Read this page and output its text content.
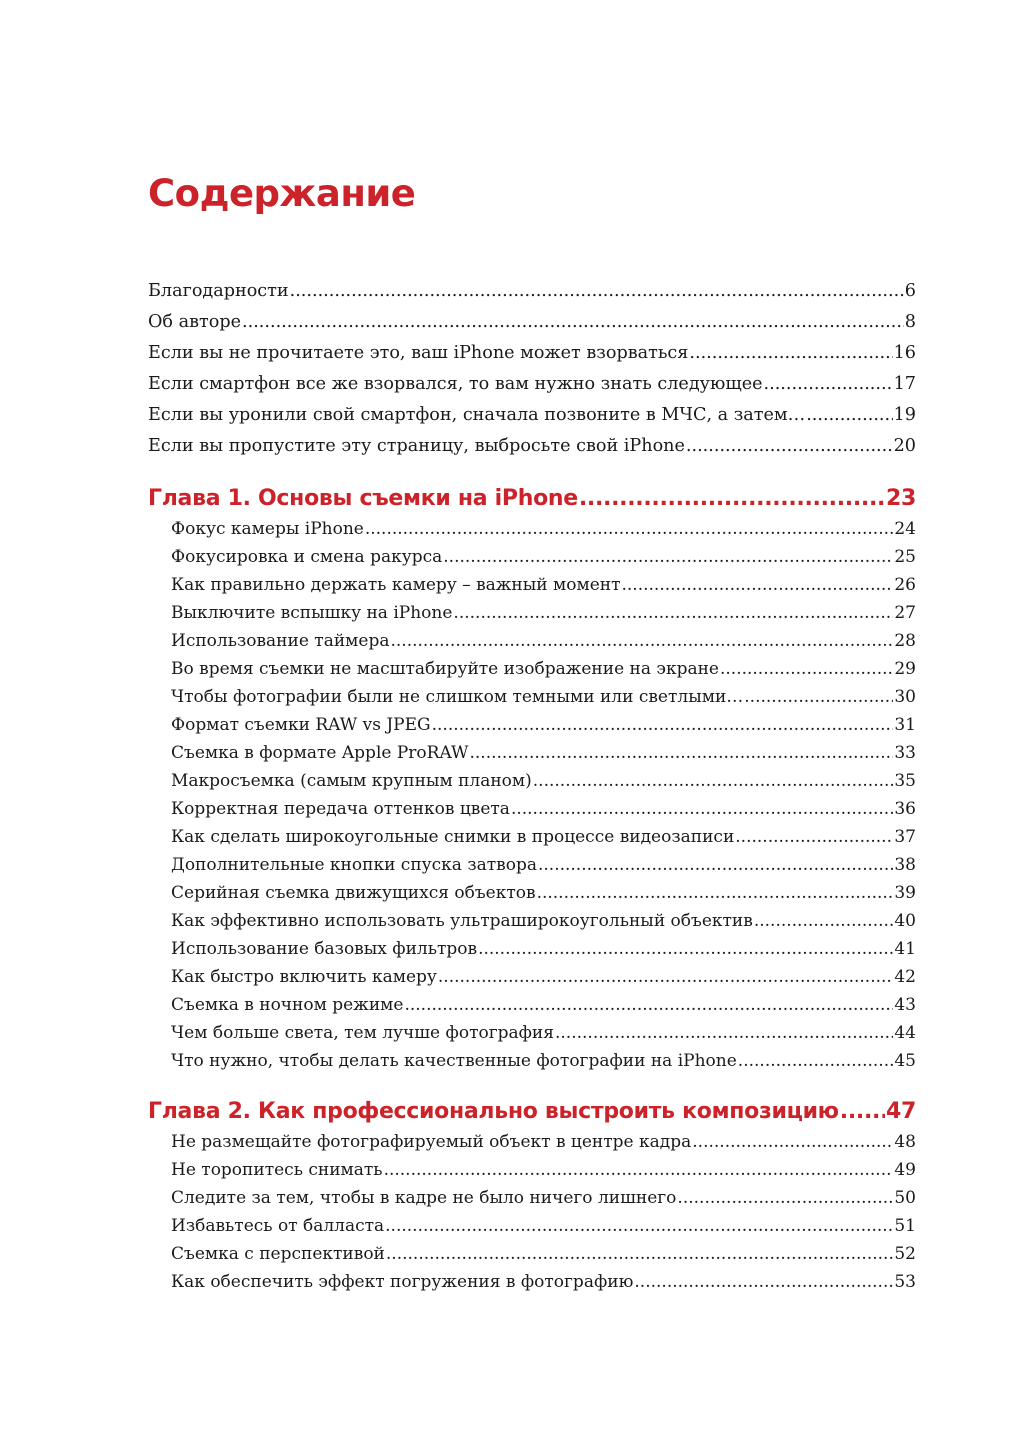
Содержание
Благодарности .....	6
Об авторе .....	8
Если вы не прочитаете это, ваш iPhone может взорваться .....	16
Если смартфон все же взорвался, то вам нужно знать следующее .....	17
Если вы уронили свой смартфон, сначала позвоните в МЧС, а затем… .....	19
Если вы пропустите эту страницу, выбросьте свой iPhone .....	20
Глава 1. Основы съемки на iPhone .....	23
Фокус камеры iPhone .....	24
Фокусировка и смена ракурса .....	25
Как правильно держать камеру – важный момент .....	26
Выключите вспышку на iPhone .....	27
Использование таймера .....	28
Во время съемки не масштабируйте изображение на экране .....	29
Чтобы фотографии были не слишком темными или светлыми… .....	30
Формат съемки RAW vs JPEG .....	31
Съемка в формате Apple ProRAW .....	33
Макросъемка (самым крупным планом) .....	35
Корректная передача оттенков цвета .....	36
Как сделать широкоугольные снимки в процессе видеозаписи .....	37
Дополнительные кнопки спуска затвора .....	38
Серийная съемка движущихся объектов .....	39
Как эффективно использовать ультраширокоугольный объектив .....	40
Использование базовых фильтров .....	41
Как быстро включить камеру .....	42
Съемка в ночном режиме .....	43
Чем больше света, тем лучше фотография .....	44
Что нужно, чтобы делать качественные фотографии на iPhone .....	45
Глава 2. Как профессионально выстроить композицию ..... 47
Не размещайте фотографируемый объект в центре кадра .....	48
Не торопитесь снимать .....	49
Следите за тем, чтобы в кадре не было ничего лишнего .....	50
Избавьтесь от балласта .....	51
Съемка с перспективой .....	52
Как обеспечить эффект погружения в фотографию .....	53
